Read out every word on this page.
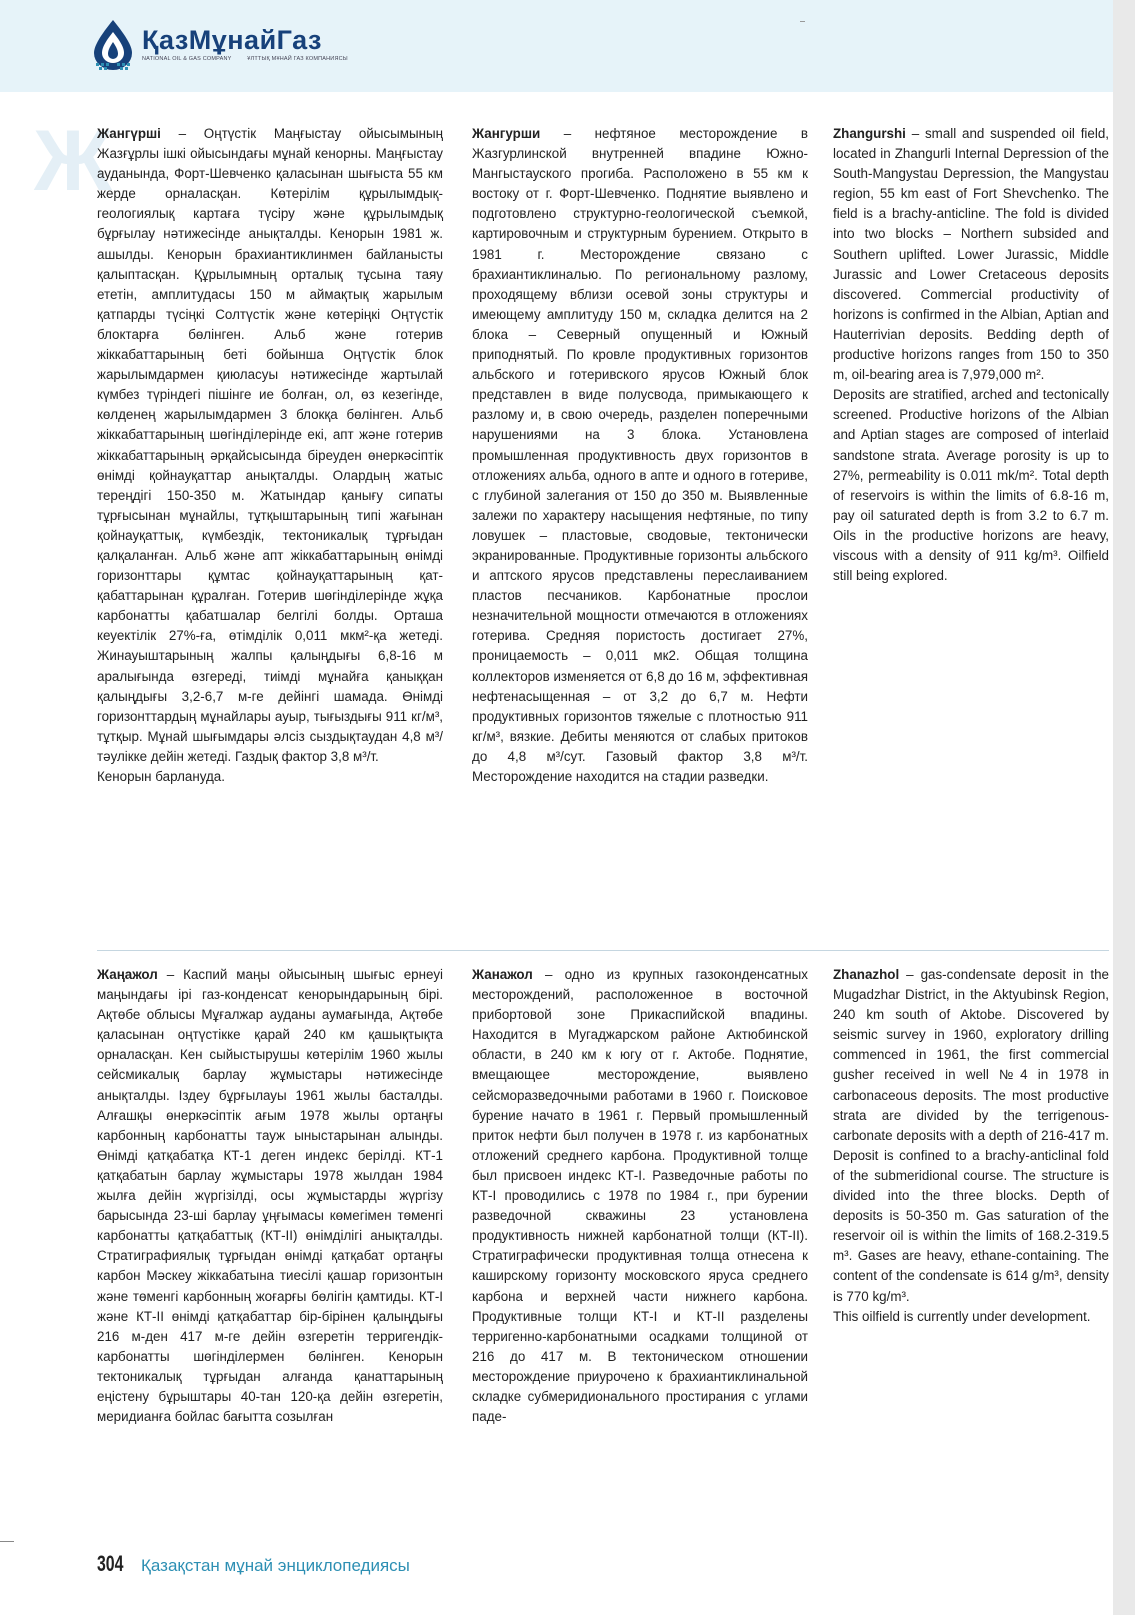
ҚазМұнайГаз
NATIONAL OIL & GAS COMPANY	ҰЛТТЫҚ МҰНАЙ ГАЗ КОМПАНИЯСЫ
Ж

Жангүрші – Оңтүстік Маңғыстау ойысымының Жазғұрлы ішкі ойысындағы мұнай кенорны. Маңғыстау ауданында, Форт-Шевченко қаласынан шығыста 55 км жерде орналасқан. Көтерілім құрылымдық-геологиялық картаға түсіру және құрылымдық бұрғылау нәтижесінде анықталды. Кенорын 1981 ж. ашылды. Кенорын брахиантиклинмен байланысты қалыптасқан. Құрылымның орталық тұсына таяу ететін, амплитудасы 150 м аймақтық жарылым қатпарды түсіңкі Солтүстік және көтеріңкі Оңтүстік блоктарға бөлінген. Альб және готерив жіккабаттарының беті бойынша Оңтүстік блок жарылымдармен қиюласуы нәтижесінде жартылай күмбез түріндегі пішінге ие болған, ол, өз кезегінде, көлденең жарылымдармен 3 блокқа бөлінген. Альб жіккабаттарының шөгінділерінде екі, апт және готерив жіккабаттарының әрқайсысында біреуден өнеркәсіптік өнімді қойнауқаттар анықталды. Олардың жатыс тереңдігі 150-350 м. Жатындар қанығу сипаты тұрғысынан мұнайлы, тұтқыштарының типі жағынан қойнауқаттық, күмбездік, тектоникалық тұрғыдан қалқаланған. Альб және апт жіккабаттарының өнімді горизонттары құмтас қойнауқаттарының қат-қабаттарынан құралған. Готерив шөгінділерінде жұқа карбонатты қабатшалар белгілі болды. Орташа кеуектілік 27%-ға, өтімділік 0,011 мкм²-қа жетеді. Жинауыштарының жалпы қалыңдығы 6,8-16 м аралығында өзгереді, тиімді мұнайға қаныққан қалыңдығы 3,2-6,7 м-ге дейінгі шамада. Өнімді горизонттардың мұнайлары ауыр, тығыздығы 911 кг/м³, тұтқыр. Мұнай шығымдары әлсіз сыздықтаудан 4,8 м³/тәулікке дейін жетеді. Газдық фактор 3,8 м³/т.

Кенорын барлануда.

Жангурши – нефтяное месторождение в Жазгурлинской внутренней впадине Южно-Мангыстауского прогиба. Расположено в 55 км к востоку от г. Форт-Шевченко. Поднятие выявлено и подготовлено структурно-геологической съемкой, картировочным и структурным бурением. Открыто в 1981 г. Месторождение связано с брахиантиклиналью. По региональному разлому, проходящему вблизи осевой зоны структуры и имеющему амплитуду 150 м, складка делится на 2 блока – Северный опущенный и Южный приподнятый. По кровле продуктивных горизонтов альбского и готеривского ярусов Южный блок представлен в виде полусвода, примыкающего к разлому и, в свою очередь, разделен поперечными нарушениями на 3 блока. Установлена промышленная продуктивность двух горизонтов в отложениях альба, одного в апте и одного в готериве, с глубиной залегания от 150 до 350 м. Выявленные залежи по характеру насыщения нефтяные, по типу ловушек – пластовые, сводовые, тектонически экранированные. Продуктивные горизонты альбского и аптского ярусов представлены переслаиванием пластов песчаников. Карбонатные прослои незначительной мощности отмечаются в отложениях готерива. Средняя пористость достигает 27%, проницаемость – 0,011 мк2. Общая толщина коллекторов изменяется от 6,8 до 16 м, эффективная нефтенасыщенная – от 3,2 до 6,7 м. Нефти продуктивных горизонтов тяжелые с плотностью 911 кг/м³, вязкие. Дебиты меняются от слабых притоков до 4,8 м³/сут. Газовый фактор 3,8 м³/т. Месторождение находится на стадии разведки.

Zhangurshi – small and suspended oil field, located in Zhangurli Internal Depression of the South-Mangystau Depression, the Mangystau region, 55 km east of Fort Shevchenko. The field is a brachy-anticline. The fold is divided into two blocks – Northern subsided and Southern uplifted. Lower Jurassic, Middle Jurassic and Lower Cretaceous deposits discovered. Commercial productivity of horizons is confirmed in the Albian, Aptian and Hauterrivian deposits. Bedding depth of productive horizons ranges from 150 to 350 m, oil-bearing area is 7,979,000 m².

Deposits are stratified, arched and tectonically screened. Productive horizons of the Albian and Aptian stages are composed of interlaid sandstone strata. Average porosity is up to 27%, permeability is 0.011 mk/m². Total depth of reservoirs is within the limits of 6.8-16 m, pay oil saturated depth is from 3.2 to 6.7 m. Oils in the productive horizons are heavy, viscous with a density of 911 kg/m³. Oilfield still being explored.

Жаңажол – Каспий маңы ойысының шығыс ернеуі маңындағы ірі газ-конденсат кенорындарының бірі. Ақтөбе облысы Мұғалжар ауданы аумағында, Ақтөбе қаласынан оңтүстікке қарай 240 км қашықтықта орналасқан. Кен сыйыстырушы көтерілім 1960 жылы сейсмикалық барлау жұмыстары нәтижесінде анықталды. Іздеу бұрғылауы 1961 жылы басталды. Алғашқы өнеркәсіптік ағым 1978 жылы ортаңғы карбонның карбонатты тауж ыныстарынан алынды. Өнімді қатқабатқа КТ-1 деген индекс берілді. КТ-1 қатқабатын барлау жұмыстары 1978 жылдан 1984 жылға дейін жүргізілді, осы жұмыстарды жүргізу барысында 23-ші барлау ұңғымасы көмегімен төменгі карбонатты қатқабаттық (КТ-ІІ) өнімділігі анықталды. Стратиграфиялық тұрғыдан өнімді қатқабат ортаңғы карбон Мәскеу жіккабатына тиесілі қашар горизонтын және төменгі карбонның жоғарғы бөлігін қамтиды. КТ-І және КТ-ІІ өнімді қатқабаттар бір-бірінен қалыңдығы 216 м-ден 417 м-ге дейін өзгеретін терригендік-карбонатты шөгінділермен бөлінген. Кенорын тектоникалық тұрғыдан алғанда қанаттарының еңістену бұрыштары 40-тан 120-қа дейін өзгеретін, меридианға бойлас бағытта созылған

Жанажол – одно из крупных газоконденсатных месторождений, расположенное в восточной прибортовой зоне Прикаспийской впадины. Находится в Мугаджарском районе Актюбинской области, в 240 км к югу от г. Актобе. Поднятие, вмещающее месторождение, выявлено сейсморазведочными работами в 1960 г. Поисковое бурение начато в 1961 г. Первый промышленный приток нефти был получен в 1978 г. из карбонатных отложений среднего карбона. Продуктивной толще был присвоен индекс КТ-І. Разведочные работы по КТ-І проводились с 1978 по 1984 г., при бурении разведочной скважины 23 установлена продуктивность нижней карбонатной толщи (КТ-ІІ). Стратиграфически продуктивная толща отнесена к каширскому горизонту московского яруса среднего карбона и верхней части нижнего карбона. Продуктивные толщи КТ-І и КТ-ІІ разделены терригенно-карбонатными осадками толщиной от 216 до 417 м. В тектоническом отношении месторождение приурочено к брахиантиклинальной складке субмеридионального простирания с углами паде-

Zhanazhol – gas-condensate deposit in the Mugadzhar District, in the Aktyubinsk Region, 240 km south of Aktobe. Discovered by seismic survey in 1960, exploratory drilling commenced in 1961, the first commercial gusher received in well №4 in 1978 in carbonaceous deposits. The most productive strata are divided by the terrigenous-carbonate deposits with a depth of 216-417 m. Deposit is confined to a brachy-anticlinal fold of the submeridional course. The structure is divided into the three blocks. Depth of deposits is 50-350 m. Gas saturation of the reservoir oil is within the limits of 168.2-319.5 m³. Gases are heavy, ethane-containing. The content of the condensate is 614 g/m³, density is 770 kg/m³.

This oilfield is currently under development.

304	Қазақстан мұнай энциклопедиясы
